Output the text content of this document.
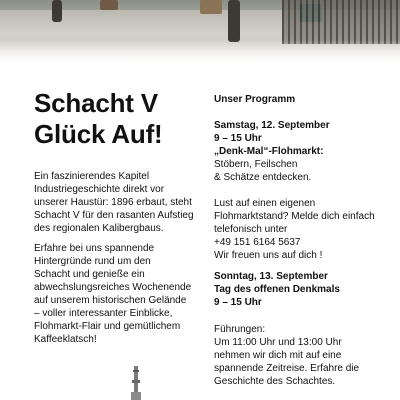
Schacht V
Glück Auf!

Ein faszinierendes Kapitel
Industriegeschichte direkt vor
unserer Haustür: 1896 erbaut, steht
Schacht V für den rasanten Aufstieg
des regionalen Kalibergbaus.

Erfahre bei uns spannende
Hintergründe rund um den
Schacht und genieße ein
abwechslungsreiches Wochenende
auf unserem historischen Gelände
– voller interessanter Einblicke,
Flohmarkt-Flair und gemütlichem
Kaffeeklatsch!

Unser Programm

Samstag, 12. September
9 – 15 Uhr
„Denk-Mal“-Flohmarkt:

Stöbern, Feilschen
& Schätze entdecken.

Lust auf einen eigenen
Flohmarktstand? Melde dich einfach
telefonisch unter
+49 151 6164 5637
Wir freuen uns auf dich !

Sonntag, 13. September
Tag des offenen Denkmals
9 – 15 Uhr

Führungen:
Um 11:00 Uhr und 13:00 Uhr
nehmen wir dich mit auf eine
spannende Zeitreise. Erfahre die
Geschichte des Schachtes.
